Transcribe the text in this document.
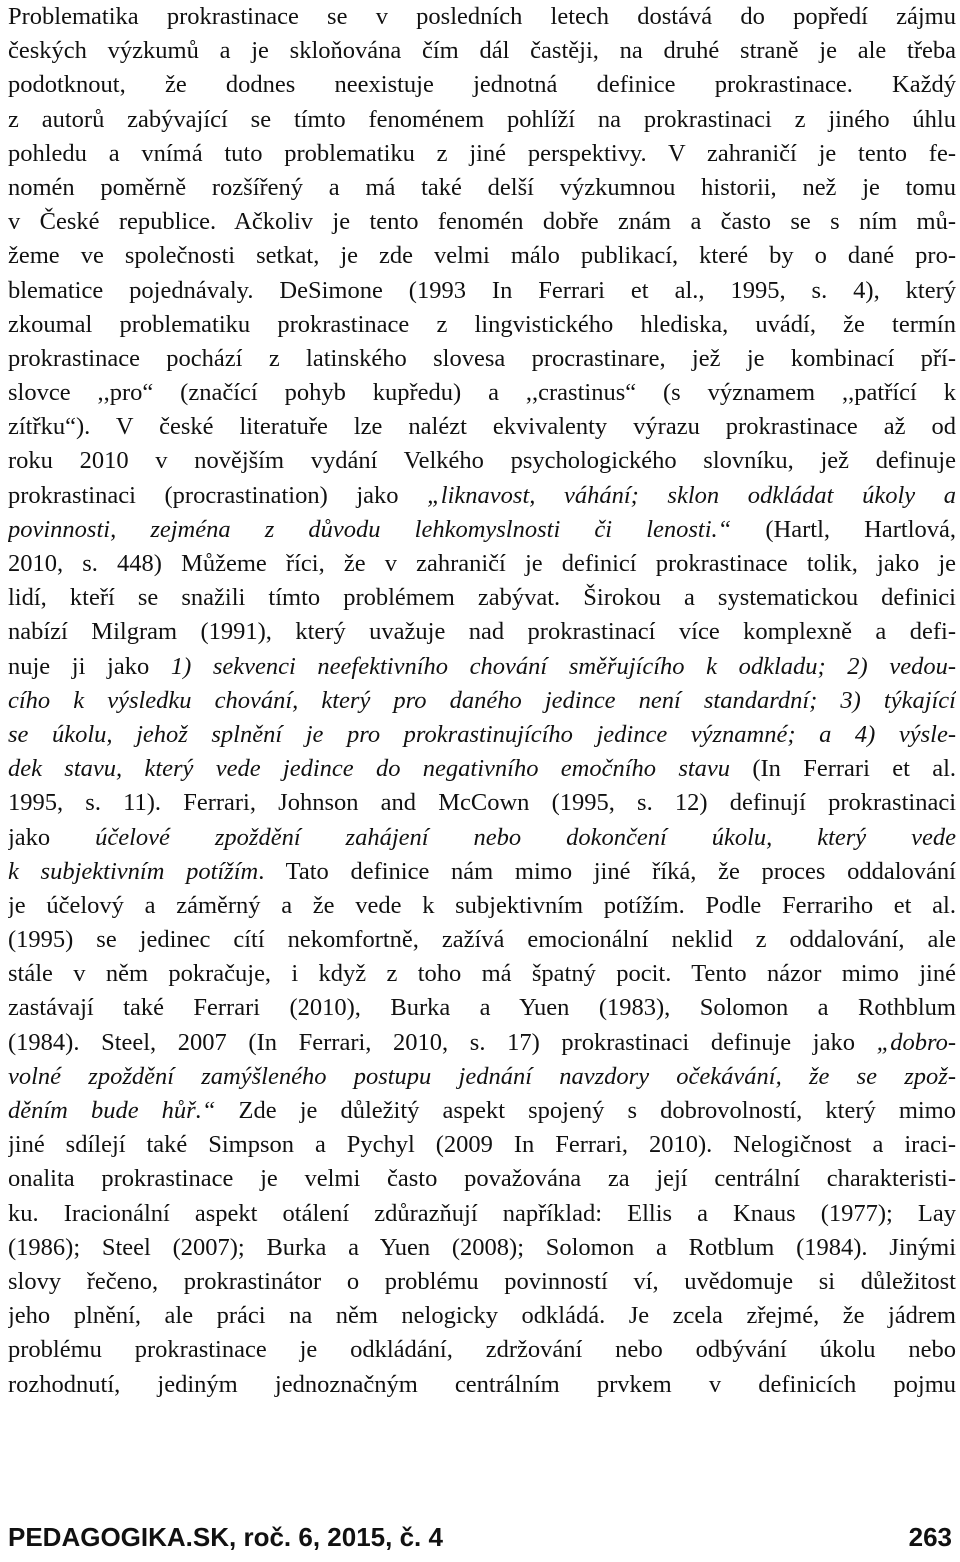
Problematika prokrastinace se v posledních letech dostává do popředí zájmu
českých výzkumů a je skloňována čím dál častěji, na druhé straně je ale třeba
podotknout, že dodnes neexistuje jednotná definice prokrastinace. Každý
z autorů zabývající se tímto fenoménem pohlíží na prokrastinaci z jiného úhlu
pohledu a vnímá tuto problematiku z jiné perspektivy. V zahraničí je tento fe-
nomén poměrně rozšířený a má také delší výzkumnou historii, než je tomu
v České republice. Ačkoliv je tento fenomén dobře znám a často se s ním mů-
žeme ve společnosti setkat, je zde velmi málo publikací, které by o dané pro-
blematice pojednávaly. DeSimone (1993 In Ferrari et al., 1995, s. 4), který
zkoumal problematiku prokrastinace z lingvistického hlediska, uvádí, že termín
prokrastinace pochází z latinského slovesa procrastinare, jež je kombinací pří-
slovce ,,pro“ (značící pohyb kupředu) a ,,crastinus“ (s významem ,,patřící k
zítřku“). V české literatuře lze nalézt ekvivalenty výrazu prokrastinace až od
roku 2010 v novějším vydání Velkého psychologického slovníku, jež definuje
prokrastinaci (procrastination) jako „liknavost, váhání; sklon odkládat úkoly a
povinnosti, zejména z důvodu lehkomyslnosti či lenosti.“ (Hartl, Hartlová,
2010, s. 448) Můžeme říci, že v zahraničí je definicí prokrastinace tolik, jako je
lidí, kteří se snažili tímto problémem zabývat. Širokou a systematickou definici
nabízí Milgram (1991), který uvažuje nad prokrastinací více komplexně a defi-
nuje ji jako 1) sekvenci neefektivního chování směřujícího k odkladu; 2) vedou-
cího k výsledku chování, který pro daného jedince není standardní; 3) týkající
se úkolu, jehož splnění je pro prokrastinujícího jedince významné; a 4) výsle-
dek stavu, který vede jedince do negativního emočního stavu (In Ferrari et al.
1995, s. 11). Ferrari, Johnson and McCown (1995, s. 12) definují prokrastinaci
jako účelové zpoždění zahájení nebo dokončení úkolu, který vede
k subjektivním potížím. Tato definice nám mimo jiné říká, že proces oddalování
je účelový a záměrný a že vede k subjektivním potížím. Podle Ferrariho et al.
(1995) se jedinec cítí nekomfortně, zažívá emocionální neklid z oddalování, ale
stále v něm pokračuje, i když z toho má špatný pocit. Tento názor mimo jiné
zastávají také Ferrari (2010), Burka a Yuen (1983), Solomon a Rothblum
(1984). Steel, 2007 (In Ferrari, 2010, s. 17) prokrastinaci definuje jako „dobro-
volné zpoždění zamýšleného postupu jednání navzdory očekávání, že se zpož-
děním bude hůř.“ Zde je důležitý aspekt spojený s dobrovolností, který mimo
jiné sdílejí také Simpson a Pychyl (2009 In Ferrari, 2010). Nelogičnost a iraci-
onalita prokrastinace je velmi často považována za její centrální charakteristi-
ku. Iracionální aspekt otálení zdůrazňují například: Ellis a Knaus (1977); Lay
(1986); Steel (2007); Burka a Yuen (2008); Solomon a Rotblum (1984). Jinými
slovy řečeno, prokrastinátor o problému povinností ví, uvědomuje si důležitost
jeho plnění, ale práci na něm nelogicky odkládá. Je zcela zřejmé, že jádrem
problému prokrastinace je odkládání, zdržování nebo odbývání úkolu nebo
rozhodnutí, jediným jednoznačným centrálním prvkem v definicích pojmu
PEDAGOGIKA.SK, roč. 6, 2015, č. 4	263
